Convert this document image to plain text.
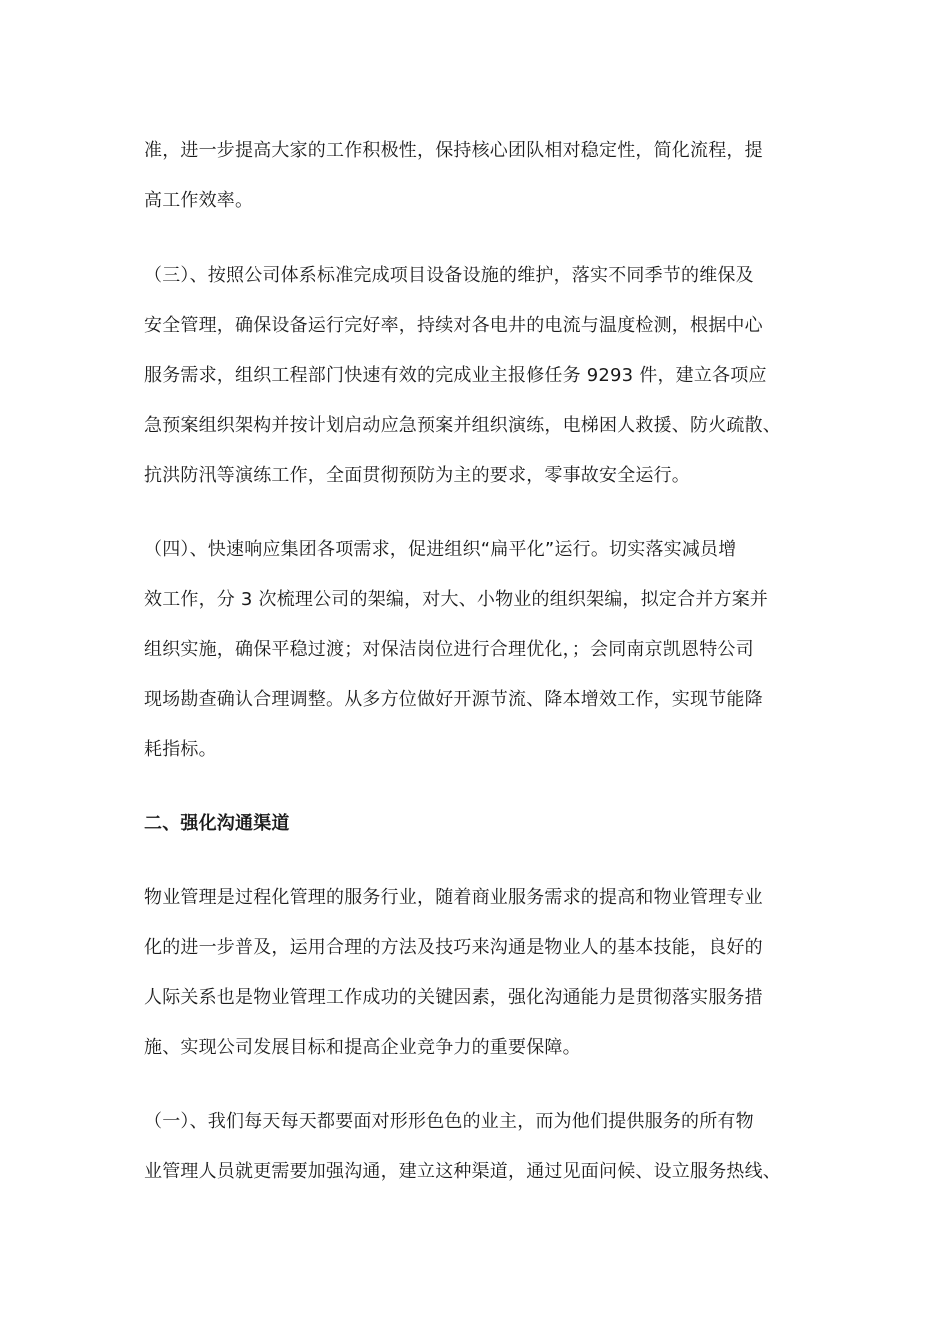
准，进一步提高大家的工作积极性，保持核心团队相对稳定性，简化流程，提
高工作效率。
（三）、按照公司体系标准完成项目设备设施的维护，落实不同季节的维保及
安全管理，确保设备运行完好率，持续对各电井的电流与温度检测，根据中心
服务需求，组织工程部门快速有效的完成业主报修任务 9293 件，建立各项应
急预案组织架构并按计划启动应急预案并组织演练，电梯困人救援、防火疏散、
抗洪防汛等演练工作，全面贯彻预防为主的要求，零事故安全运行。
（四）、快速响应集团各项需求，促进组织“扁平化”运行。切实落实减员增
效工作，分 3 次梳理公司的架编，对大、小物业的组织架编，拟定合并方案并
组织实施，确保平稳过渡；对保洁岗位进行合理优化，；会同南京凯恩特公司
现场勘查确认合理调整。从多方位做好开源节流、降本增效工作，实现节能降
耗指标。
二、强化沟通渠道
物业管理是过程化管理的服务行业，随着商业服务需求的提高和物业管理专业
化的进一步普及，运用合理的方法及技巧来沟通是物业人的基本技能，良好的
人际关系也是物业管理工作成功的关键因素，强化沟通能力是贯彻落实服务措
施、实现公司发展目标和提高企业竞争力的重要保障。
（一）、我们每天每天都要面对形形色色的业主，而为他们提供服务的所有物
业管理人员就更需要加强沟通，建立这种渠道，通过见面问候、设立服务热线、
